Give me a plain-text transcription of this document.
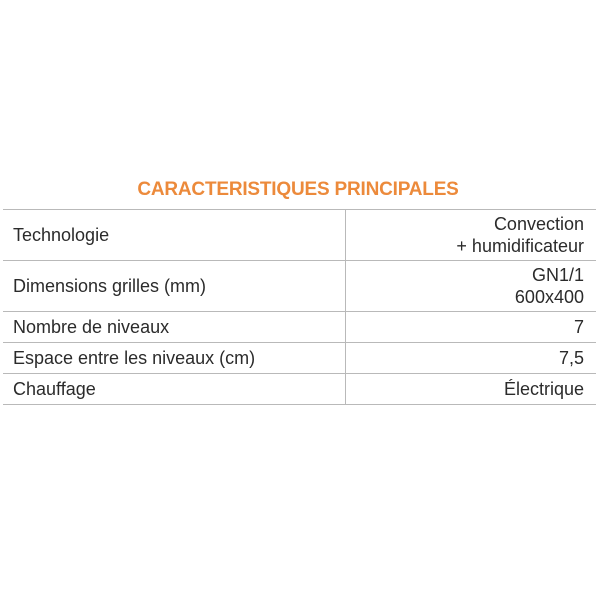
CARACTERISTIQUES PRINCIPALES
Technologie	Convection
+ humidificateur

Dimensions grilles (mm)	GN1/1
600x400

Nombre de niveaux	7

Espace entre les niveaux (cm)	7,5

Chauffage	Électrique
